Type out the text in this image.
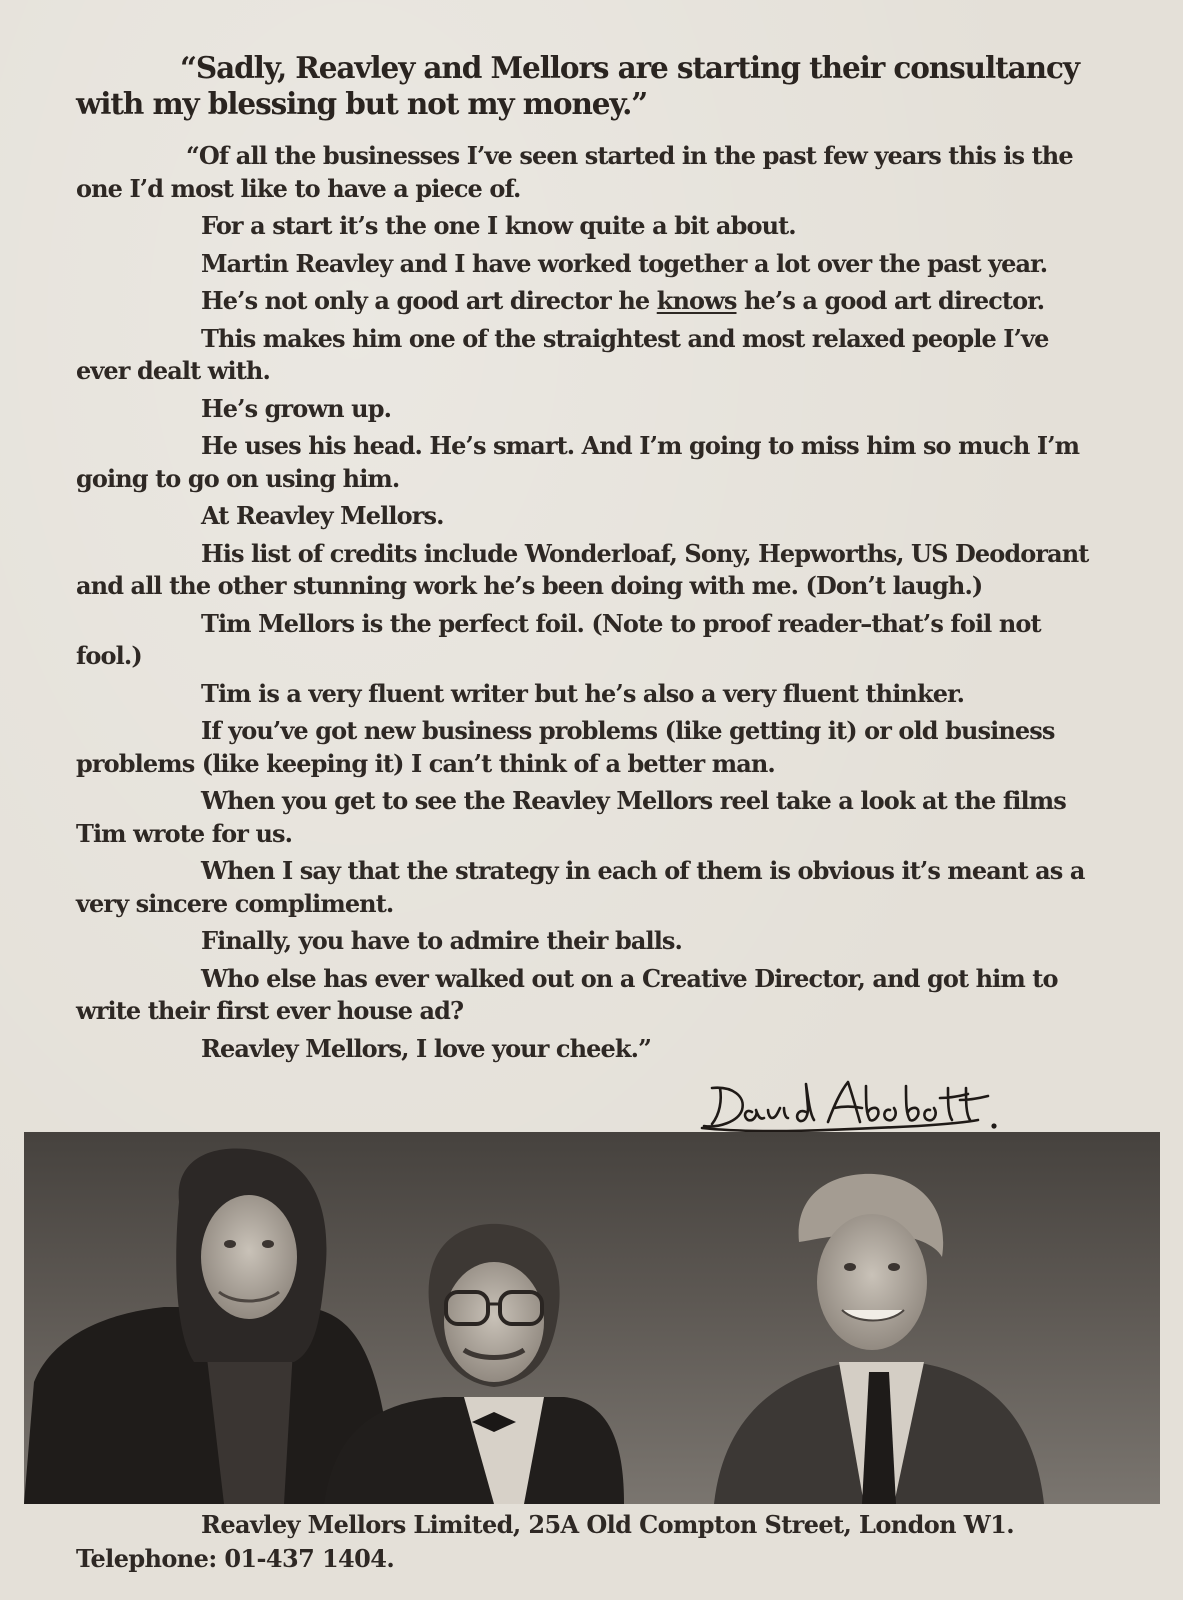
“Sadly, Reavley and Mellors are starting their consultancy with my blessing but not my money.”

“Of all the businesses I’ve seen started in the past few years this is the one I’d most like to have a piece of.

For a start it’s the one I know quite a bit about.

Martin Reavley and I have worked together a lot over the past year.

He’s not only a good art director he knows he’s a good art director.

This makes him one of the straightest and most relaxed people I’ve ever dealt with.

He’s grown up.

He uses his head. He’s smart. And I’m going to miss him so much I’m going to go on using him.

At Reavley Mellors.

His list of credits include Wonderloaf, Sony, Hepworths, US Deodorant and all the other stunning work he’s been doing with me. (Don’t laugh.)

Tim Mellors is the perfect foil. (Note to proof reader–that’s foil not fool.)

Tim is a very fluent writer but he’s also a very fluent thinker.

If you’ve got new business problems (like getting it) or old business problems (like keeping it) I can’t think of a better man.

When you get to see the Reavley Mellors reel take a look at the films Tim wrote for us.

When I say that the strategy in each of them is obvious it’s meant as a very sincere compliment.

Finally, you have to admire their balls.

Who else has ever walked out on a Creative Director, and got him to write their first ever house ad?

Reavley Mellors, I love your cheek.”

Reavley Mellors Limited, 25A Old Compton Street, London W1.
Telephone: 01-437 1404.
